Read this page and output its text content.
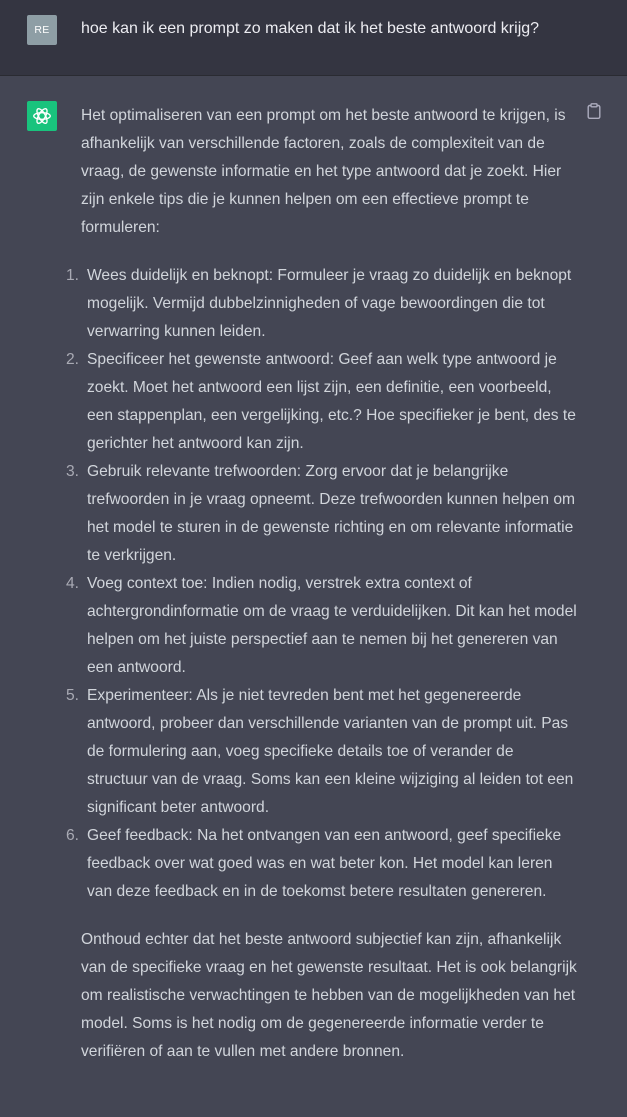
RE	hoe kan ik een prompt zo maken dat ik het beste antwoord krijg?

Het optimaliseren van een prompt om het beste antwoord te krijgen, is afhankelijk van verschillende factoren, zoals de complexiteit van de vraag, de gewenste informatie en het type antwoord dat je zoekt. Hier zijn enkele tips die je kunnen helpen om een effectieve prompt te formuleren:

1. Wees duidelijk en beknopt: Formuleer je vraag zo duidelijk en beknopt mogelijk. Vermijd dubbelzinnigheden of vage bewoordingen die tot verwarring kunnen leiden.
2. Specificeer het gewenste antwoord: Geef aan welk type antwoord je zoekt. Moet het antwoord een lijst zijn, een definitie, een voorbeeld, een stappenplan, een vergelijking, etc.? Hoe specifieker je bent, des te gerichter het antwoord kan zijn.
3. Gebruik relevante trefwoorden: Zorg ervoor dat je belangrijke trefwoorden in je vraag opneemt. Deze trefwoorden kunnen helpen om het model te sturen in de gewenste richting en om relevante informatie te verkrijgen.
4. Voeg context toe: Indien nodig, verstrek extra context of achtergrondinformatie om de vraag te verduidelijken. Dit kan het model helpen om het juiste perspectief aan te nemen bij het genereren van een antwoord.
5. Experimenteer: Als je niet tevreden bent met het gegenereerde antwoord, probeer dan verschillende varianten van de prompt uit. Pas de formulering aan, voeg specifieke details toe of verander de structuur van de vraag. Soms kan een kleine wijziging al leiden tot een significant beter antwoord.
6. Geef feedback: Na het ontvangen van een antwoord, geef specifieke feedback over wat goed was en wat beter kon. Het model kan leren van deze feedback en in de toekomst betere resultaten genereren.

Onthoud echter dat het beste antwoord subjectief kan zijn, afhankelijk van de specifieke vraag en het gewenste resultaat. Het is ook belangrijk om realistische verwachtingen te hebben van de mogelijkheden van het model. Soms is het nodig om de gegenereerde informatie verder te verifiëren of aan te vullen met andere bronnen.
